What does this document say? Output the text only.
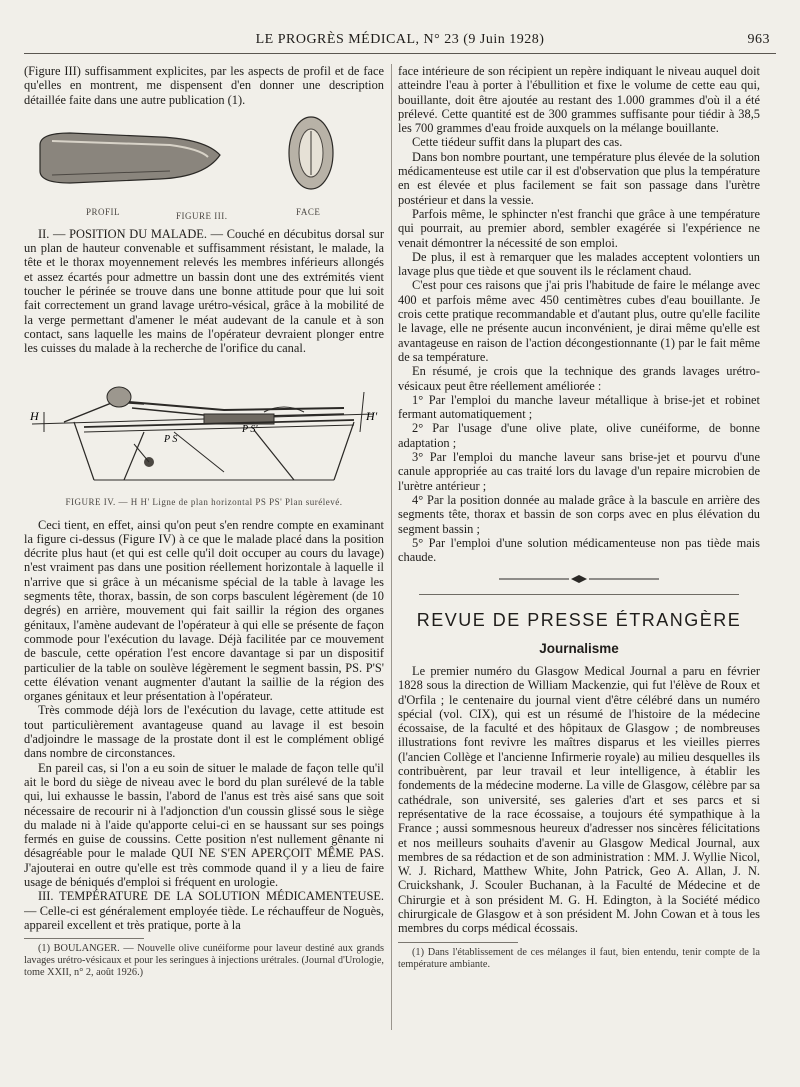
LE PROGRÈS MÉDICAL, N° 23 (9 Juin 1928)	963

(Figure III) suffisamment explicites, par les aspects de profil et de face qu'elles en montrent, me dispensent d'en donner une description détaillée faite dans une autre publication (1).

PROFIL	FIGURE III.	FACE

II. — POSITION DU MALADE. — Couché en décubitus dorsal sur un plan de hauteur convenable et suffisamment résistant, le malade, la tête et le thorax moyennement relevés les membres inférieurs allongés et assez écartés pour admettre un bassin dont une des extrémités vient toucher le périnée se trouve dans une bonne attitude pour que lui soit fait correctement un grand lavage urétro-vésical, grâce à la mobilité de la verge permettant d'amener le méat audevant de la canule et à son contact, sans laquelle les mains de l'opérateur devraient plonger entre les cuisses du malade à la recherche de l'orifice du canal.

H	H'
P S
P S'
FIGURE IV. — H H' Ligne de plan horizontal PS PS' Plan surélevé.

Ceci tient, en effet, ainsi qu'on peut s'en rendre compte en examinant la figure ci-dessus (Figure IV) à ce que le malade placé dans la position décrite plus haut (et qui est celle qu'il doit occuper au cours du lavage) n'est vraiment pas dans une position réellement horizontale à laquelle il n'arrive que si grâce à un mécanisme spécial de la table à lavage les segments tête, thorax, bassin, de son corps basculent légèrement (de 10 degrés) en arrière, mouvement qui fait saillir la région des organes génitaux, l'amène audevant de l'opérateur à qui elle se présente de façon commode pour l'exécution du lavage. Déjà facilitée par ce mouvement de bascule, cette opération l'est encore davantage si par un dispositif particulier de la table on soulève légèrement le segment bassin, PS. P'S' cette élévation venant augmenter d'autant la saillie de la région des organes génitaux et leur présentation à l'opérateur.

Très commode déjà lors de l'exécution du lavage, cette attitude est tout particulièrement avantageuse quand au lavage il est besoin d'adjoindre le massage de la prostate dont il est le complément obligé dans nombre de circonstances.

En pareil cas, si l'on a eu soin de situer le malade de façon telle qu'il ait le bord du siège de niveau avec le bord du plan surélevé de la table qui, lui exhausse le bassin, l'abord de l'anus est très aisé sans que soit nécessaire de recourir ni à l'adjonction d'un coussin glissé sous le siège du malade ni à l'aide qu'apporte celui-ci en se haussant sur ses poings fermés en guise de coussins. Cette position n'est nullement gênante ni désagréable pour le malade QUI NE S'EN APERÇOIT MÊME PAS. J'ajouterai en outre qu'elle est très commode quand il y a lieu de faire usage de béniqués d'emploi si fréquent en urologie.

III. TEMPÉRATURE DE LA SOLUTION MÉDICAMENTEUSE. — Celle-ci est généralement employée tiède. Le réchauffeur de Noguès, appareil excellent et très pratique, porte à la

(1) BOULANGER. — Nouvelle olive cunéiforme pour laveur destiné aux grands lavages urétro-vésicaux et pour les seringues à injections urétrales. (Journal d'Urologie, tome XXII, n° 2, août 1926.)

face intérieure de son récipient un repère indiquant le niveau auquel doit atteindre l'eau à porter à l'ébullition et fixe le volume de cette eau qui, bouillante, doit être ajoutée au restant des 1.000 grammes d'où il a été prélevé. Cette quantité est de 300 grammes suffisante pour tiédir à 38,5 les 700 grammes d'eau froide auxquels on la mélange bouillante.

Cette tiédeur suffit dans la plupart des cas.

Dans bon nombre pourtant, une température plus élevée de la solution médicamenteuse est utile car il est d'observation que plus la température en est élevée et plus facilement se fait son passage dans l'urètre postérieur et dans la vessie.

Parfois même, le sphincter n'est franchi que grâce à une température qui pourrait, au premier abord, sembler exagérée si l'expérience ne venait démontrer la nécessité de son emploi.

De plus, il est à remarquer que les malades acceptent volontiers un lavage plus que tiède et que souvent ils le réclament chaud.

C'est pour ces raisons que j'ai pris l'habitude de faire le mélange avec 400 et parfois même avec 450 centimètres cubes d'eau bouillante. Je crois cette pratique recommandable et d'autant plus, outre qu'elle facilite le lavage, elle ne présente aucun inconvénient, je dirai même qu'elle est avantageuse en raison de l'action décongestionnante (1) par le fait même de sa température.

En résumé, je crois que la technique des grands lavages urétro-vésicaux peut être réellement améliorée :

1° Par l'emploi du manche laveur métallique à brise-jet et robinet fermant automatiquement ;

2° Par l'usage d'une olive plate, olive cunéiforme, de bonne adaptation ;

3° Par l'emploi du manche laveur sans brise-jet et pourvu d'une canule appropriée au cas traité lors du lavage d'un repaire microbien de l'urètre antérieur ;

4° Par la position donnée au malade grâce à la bascule en arrière des segments tête, thorax et bassin de son corps avec en plus élévation du segment bassin ;

5° Par l'emploi d'une solution médicamenteuse non pas tiède mais chaude.

REVUE DE PRESSE ÉTRANGÈRE
Journalisme

Le premier numéro du Glasgow Medical Journal a paru en février 1828 sous la direction de William Mackenzie, qui fut l'élève de Roux et d'Orfila ; le centenaire du journal vient d'être célébré dans un numéro spécial (vol. CIX), qui est un résumé de l'histoire de la médecine écossaise, de la faculté et des hôpitaux de Glasgow ; de nombreuses illustrations font revivre les maîtres disparus et les vieilles pierres (l'ancien Collège et l'ancienne Infirmerie royale) au milieu desquelles ils contribuèrent, par leur travail et leur intelligence, à établir les fondements de la médecine moderne. La ville de Glasgow, célèbre par sa cathédrale, son université, ses galeries d'art et ses parcs et si représentative de la race écossaise, a toujours été sympathique à la France ; aussi sommesnous heureux d'adresser nos sincères félicitations et nos meilleurs souhaits d'avenir au Glasgow Medical Journal, aux membres de sa rédaction et de son administration : MM. J. Wyllie Nicol, W. J. Richard, Matthew White, John Patrick, Geo A. Allan, J. N. Cruickshank, J. Scouler Buchanan, à la Faculté de Médecine et de Chirurgie et à son président M. G. H. Edington, à la Société médico chirurgicale de Glasgow et à son président M. John Cowan et à tous les membres du corps médical écossais.

(1) Dans l'établissement de ces mélanges il faut, bien entendu, tenir compte de la température ambiante.
